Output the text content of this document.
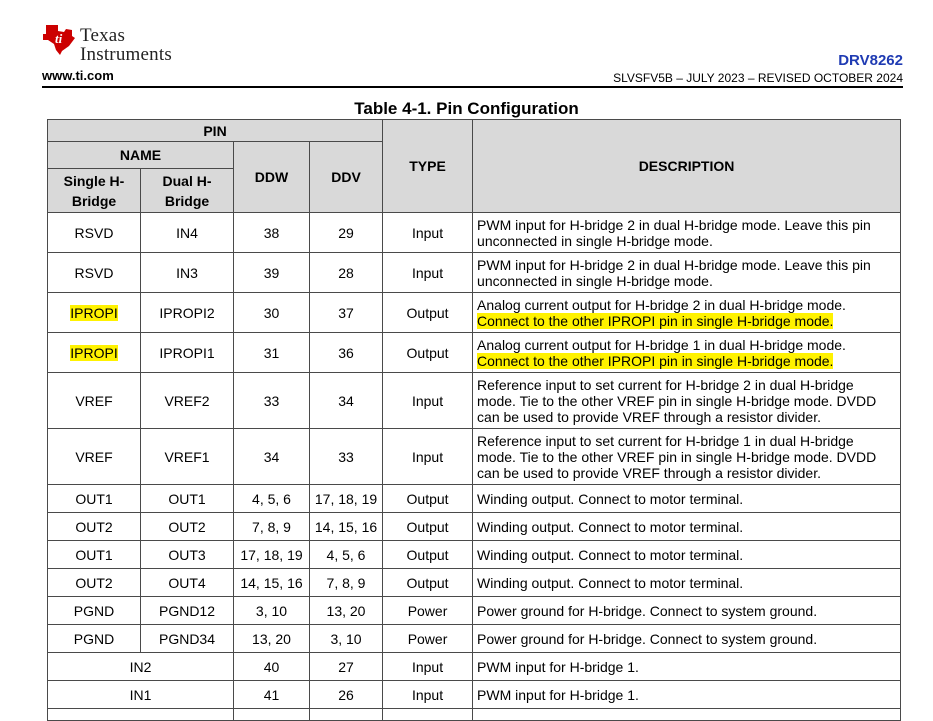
ti Texas
Instruments
www.ti.com
DRV8262
SLVSFV5B – JULY 2023 – REVISED OCTOBER 2024
Table 4-1. Pin Configuration
PIN				TYPE	DESCRIPTION
NAME		DDW	DDV		
Single H-Bridge	Dual H-Bridge				
RSVD	IN4	38	29	Input	PWM input for H-bridge 2 in dual H-bridge mode. Leave this pin unconnected in single H-bridge mode.
RSVD	IN3	39	28	Input	PWM input for H-bridge 2 in dual H-bridge mode. Leave this pin unconnected in single H-bridge mode.
IPROPI	IPROPI2	30	37	Output	Analog current output for H-bridge 2 in dual H-bridge mode. Connect to the other IPROPI pin in single H-bridge mode.
IPROPI	IPROPI1	31	36	Output	Analog current output for H-bridge 1 in dual H-bridge mode. Connect to the other IPROPI pin in single H-bridge mode.
VREF	VREF2	33	34	Input	Reference input to set current for H-bridge 2 in dual H-bridge mode. Tie to the other VREF pin in single H-bridge mode. DVDD can be used to provide VREF through a resistor divider.
VREF	VREF1	34	33	Input	Reference input to set current for H-bridge 1 in dual H-bridge mode. Tie to the other VREF pin in single H-bridge mode. DVDD can be used to provide VREF through a resistor divider.
OUT1	OUT1	4, 5, 6	17, 18, 19	Output	Winding output. Connect to motor terminal.
OUT2	OUT2	7, 8, 9	14, 15, 16	Output	Winding output. Connect to motor terminal.
OUT1	OUT3	17, 18, 19	4, 5, 6	Output	Winding output. Connect to motor terminal.
OUT2	OUT4	14, 15, 16	7, 8, 9	Output	Winding output. Connect to motor terminal.
PGND	PGND12	3, 10	13, 20	Power	Power ground for H-bridge. Connect to system ground.
PGND	PGND34	13, 20	3, 10	Power	Power ground for H-bridge. Connect to system ground.
IN2		40	27	Input	PWM input for H-bridge 1.
IN1		41	26	Input	PWM input for H-bridge 1.
